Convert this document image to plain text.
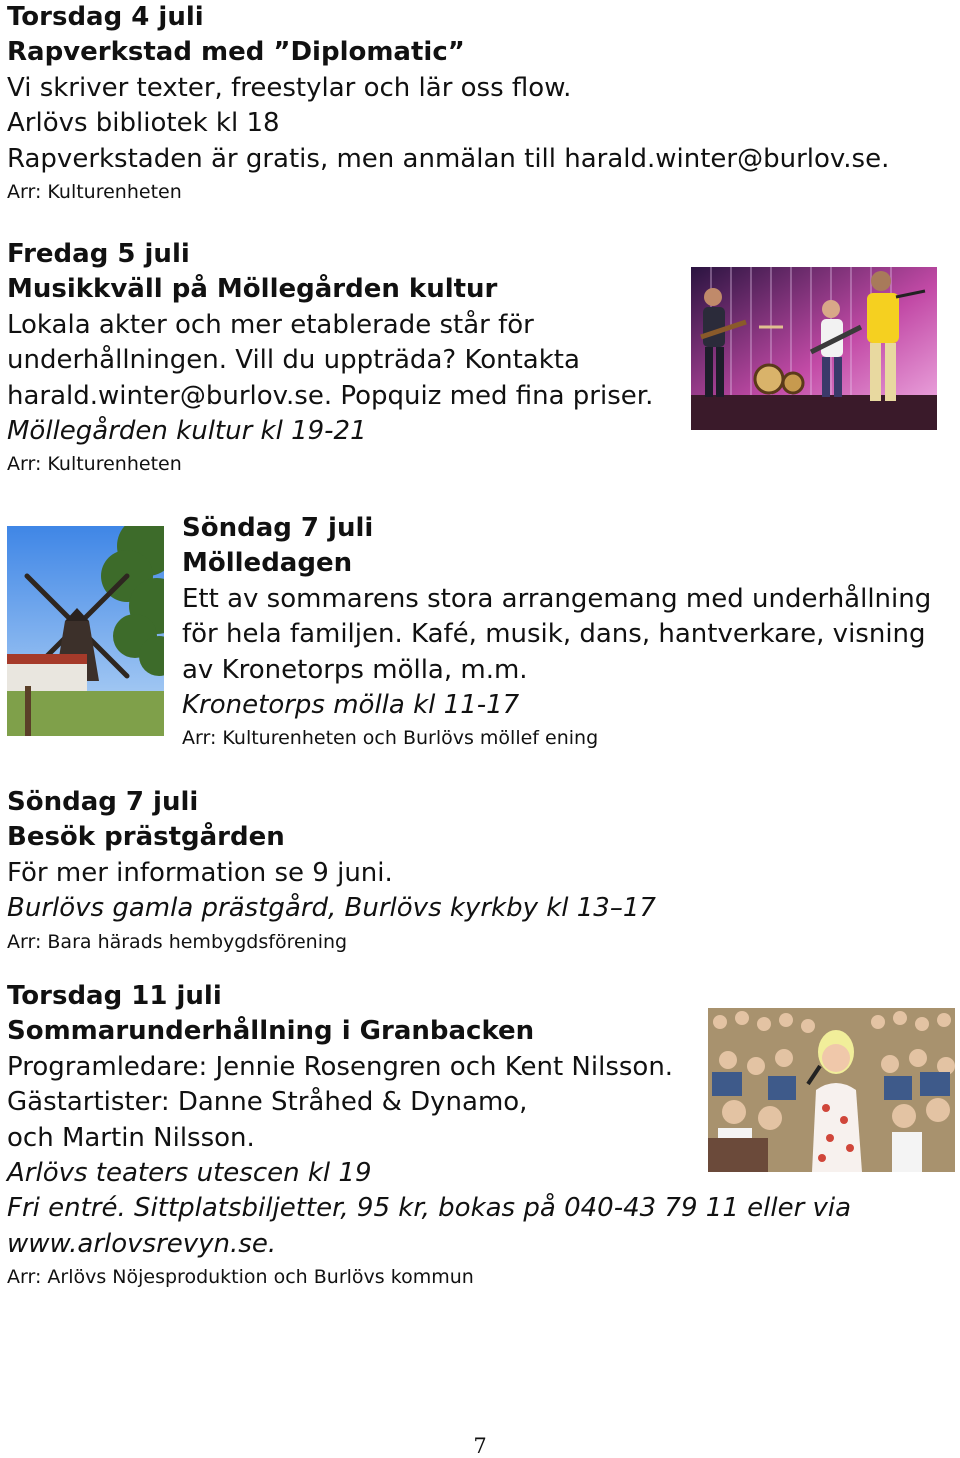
Torsdag 4 juli
Rapverkstad med ”Diplomatic”
Vi skriver texter, freestylar och lär oss flow.
Arlövs bibliotek kl 18
Rapverkstaden är gratis, men anmälan till harald.winter@burlov.se.
Arr: Kulturenheten
Fredag 5 juli
Musikkväll på Möllegården kultur
Lokala akter och mer etablerade står för
underhållningen. Vill du uppträda? Kontakta
harald.winter@burlov.se. Popquiz med fina priser.
Möllegården kultur kl 19-21
Arr: Kulturenheten
Söndag 7 juli
Mölledagen
Ett av sommarens stora arrangemang med underhållning
för hela familjen. Kafé, musik, dans, hantverkare, visning
av Kronetorps mölla, m.m.
Kronetorps mölla kl 11-17
Arr: Kulturenheten och Burlövs möllef ening
Söndag 7 juli
Besök prästgården
För mer information se 9 juni.
Burlövs gamla prästgård, Burlövs kyrkby kl 13–17
Arr: Bara härads hembygdsförening
Torsdag 11 juli
Sommarunderhållning i Granbacken
Programledare: Jennie Rosengren och Kent Nilsson.
Gästartister: Danne Stråhed & Dynamo,
och Martin Nilsson.
Arlövs teaters utescen kl 19
Fri entré. Sittplatsbiljetter, 95 kr, bokas på 040-43 79 11 eller via
www.arlovsrevyn.se.
Arr: Arlövs Nöjesproduktion och Burlövs kommun
7
